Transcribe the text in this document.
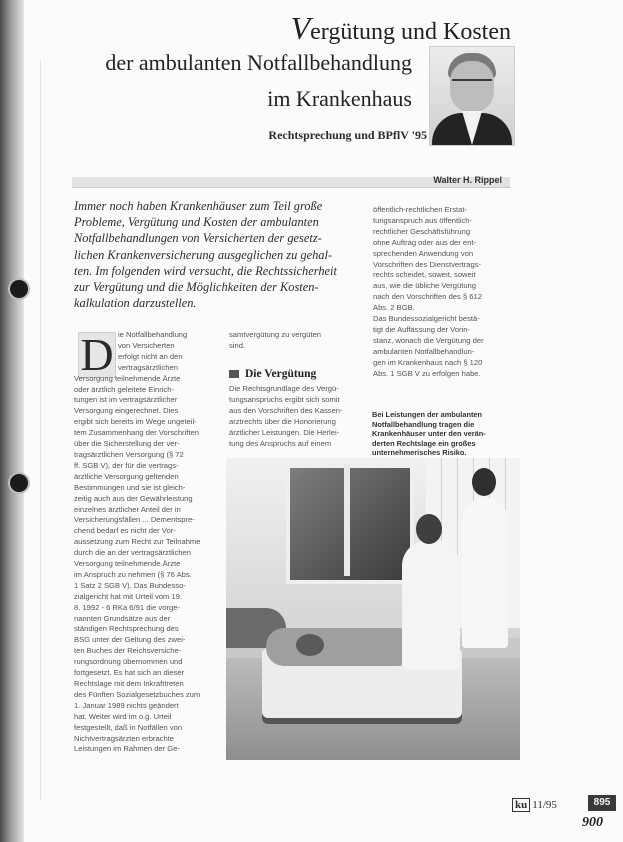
Vergütung und Kosten
der ambulanten Notfallbehandlung
im Krankenhaus
Rechtsprechung und BPflV '95
Walter H. Rippel
Immer noch haben Krankenhäuser zum Teil große
Probleme, Vergütung und Kosten der ambulanten
Notfallbehandlungen von Versicherten der gesetz-
lichen Krankenversicherung ausgeglichen zu gehal-
ten. Im folgenden wird versucht, die Rechtssicherheit
zur Vergütung und die Möglichkeiten der Kosten-
kalkulation darzustellen.
öffentlich-rechtlichen Erstat-
tungsanspruch aus öffentlich-
rechtlicher Geschäftsführung
ohne Auftrag oder aus der ent-
sprechenden Anwendung von
Vorschriften des Dienstvertrags-
rechts scheidet, soweit, soweit
aus, wie die übliche Vergütung
nach den Vorschriften des § 612
Abs. 2 BGB.
Das Bundessozialgericht bestä-
tigt die Auffassung der Vorin-
stanz, wonach die Vergütung der
ambulanten Notfallbehandlun-
gen im Krankenhaus nach § 120
Abs. 1 SGB V zu erfolgen habe.
D ie Notfallbehandlung
von Versicherten
erfolgt nicht an den
vertragsärztlichen
Versorgung teilnehmende Ärzte
oder ärztlich geleitete Einrich-
tungen ist im vertragsärztlicher
Versorgung eingerechnet. Dies
ergibt sich bereits im Wege ungeteil-
tem Zusammenhang der Vorschriften
über die Sicherstellung der ver-
tragsärztlichen Versorgung (§ 72
ff. SGB V), der für die vertrags-
ärztliche Versorgung geltenden
Bestimmungen und sie ist gleich-
zeitig auch aus der Gewährleistung
einzelnes ärztlicher Anteil der in
Versicherungsfällen ... Dementspre-
chend bedarf es nicht der Vor-
aussetzung zum Recht zur Teilnahme
durch die an der vertragsärztlichen
Versorgung teilnehmende Ärzte
im Anspruch zu nehmen (§ 76 Abs.
1 Satz 2 SGB V). Das Bundesso-
zialgericht hat mit Urteil vom 19.
8. 1992 - 6 RKa 6/91 die vorge-
nannten Grundsätze aus der
ständigen Rechtsprechung des
BSG unter der Geltung des zwei-
ten Buches der Reichsversiche-
rungsordnung übernommen und
fortgesetzt. Es hat sich an dieser
Rechtslage mit dem Inkrafttreten
des Fünften Sozialgesetzbuches zum
1. Januar 1989 nichts geändert
hat. Weiter wird im o.g. Urteil
festgestellt, daß in Notfällen von
Nichtvertragsärzten erbrachte
Leistungen im Rahmen der Ge-
samtvergütung zu vergüten
sind.
Die Vergütung
Die Rechtsgrundlage des Vergü-
tungsanspruchs ergibt sich somit
aus den Vorschriften des Kassen-
arztrechts über die Honorierung
ärztlicher Leistungen. Die Herlei-
tung des Anspruchs auf einem
Bei Leistungen der ambulanten
Notfallbehandlung tragen die
Krankenhäuser unter den verän-
derten Rechtslage ein großes
unternehmerisches Risiko.
ku 11/95	895
900
